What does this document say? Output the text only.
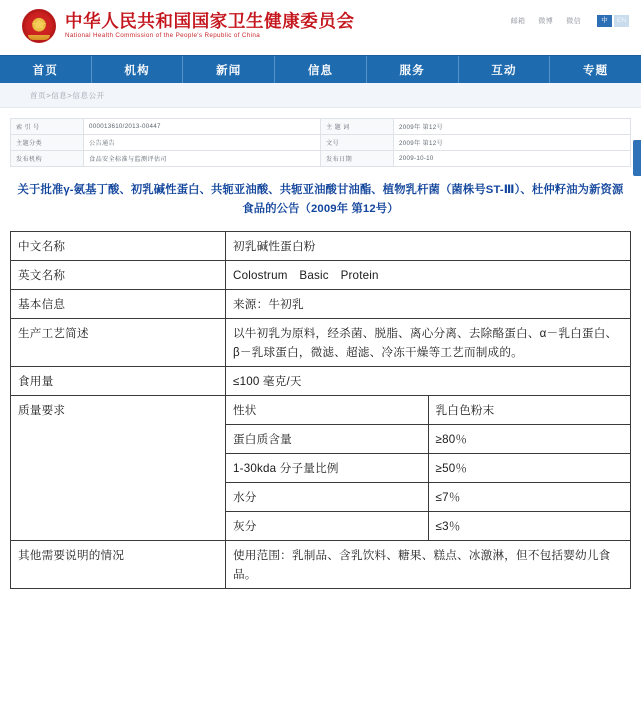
中华人民共和国国家卫生健康委员会
National Health Commission of the People's Republic of China
邮箱 微博 微信	中	EN
首页	机构	新闻	信息	服务	互动	专题
首页 > 信息 > 信息公开
索 引 号	000013610/2013-00447	主 题 词	2009年 第12号
主题分类	公告通告	文号	2009年 第12号
发布机构	食品安全标准与监测评估司	发布日期	2009-10-10
关于批准γ-氨基丁酸、初乳碱性蛋白、共轭亚油酸、共轭亚油酸甘油酯、植物乳杆菌（菌株号ST-Ⅲ）、杜仲籽油为新资源食品的公告（2009年 第12号）
中文名称	初乳碱性蛋白粉	
英文名称	Colostrum　Basic　Protein	
基本信息	来源：牛初乳	
生产工艺简述	以牛初乳为原料，经杀菌、脱脂、离心分离、去除酪蛋白、α－乳白蛋白、β－乳球蛋白，微滤、超滤、冷冻干燥等工艺而制成的。	
食用量	≤100 毫克/天	
质量要求	性状	乳白色粉末
	蛋白质含量	≥80％
	1-30kda 分子量比例	≥50％
	水分	≤7％
	灰分	≤3％
其他需要说明的情况	使用范围：乳制品、含乳饮料、糖果、糕点、冰激淋，但不包括婴幼儿食品。	
